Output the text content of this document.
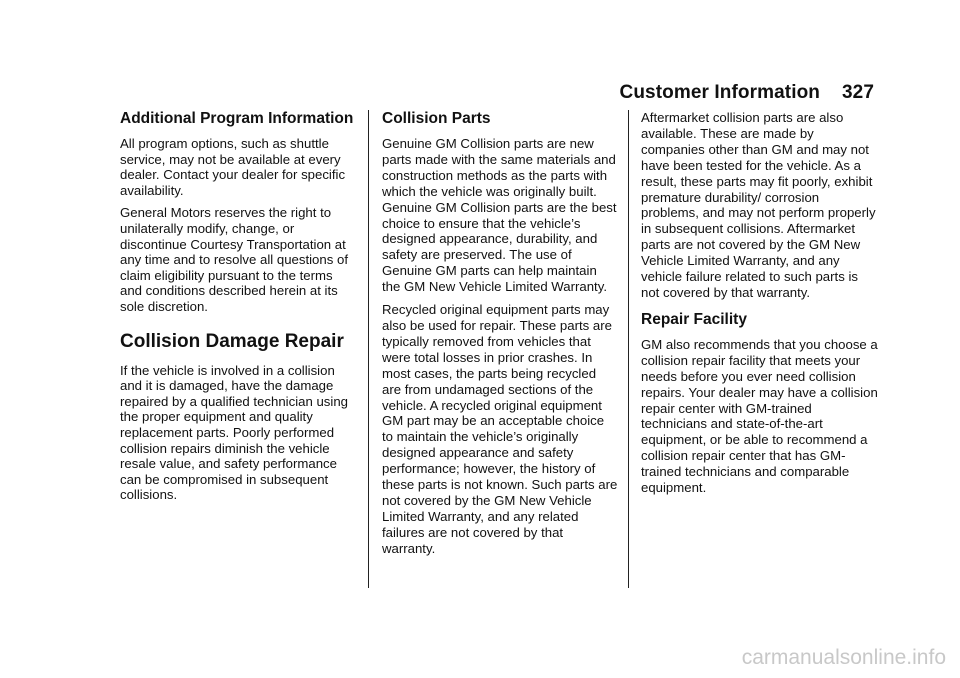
Customer Information 327
Additional Program Information

All program options, such as shuttle service, may not be available at every dealer. Contact your dealer for specific availability.

General Motors reserves the right to unilaterally modify, change, or discontinue Courtesy Transportation at any time and to resolve all questions of claim eligibility pursuant to the terms and conditions described herein at its sole discretion.

Collision Damage Repair

If the vehicle is involved in a collision and it is damaged, have the damage repaired by a qualified technician using the proper equipment and quality replacement parts. Poorly performed collision repairs diminish the vehicle resale value, and safety performance can be compromised in subsequent collisions.

Collision Parts

Genuine GM Collision parts are new parts made with the same materials and construction methods as the parts with which the vehicle was originally built. Genuine GM Collision parts are the best choice to ensure that the vehicle’s designed appearance, durability, and safety are preserved. The use of Genuine GM parts can help maintain the GM New Vehicle Limited Warranty.

Recycled original equipment parts may also be used for repair. These parts are typically removed from vehicles that were total losses in prior crashes. In most cases, the parts being recycled are from undamaged sections of the vehicle. A recycled original equipment GM part may be an acceptable choice to maintain the vehicle’s originally designed appearance and safety performance; however, the history of these parts is not known. Such parts are not covered by the GM New Vehicle Limited Warranty, and any related failures are not covered by that warranty.

Aftermarket collision parts are also available. These are made by companies other than GM and may not have been tested for the vehicle. As a result, these parts may fit poorly, exhibit premature durability/ corrosion problems, and may not perform properly in subsequent collisions. Aftermarket parts are not covered by the GM New Vehicle Limited Warranty, and any vehicle failure related to such parts is not covered by that warranty.

Repair Facility

GM also recommends that you choose a collision repair facility that meets your needs before you ever need collision repairs. Your dealer may have a collision repair center with GM-trained technicians and state-of-the-art equipment, or be able to recommend a collision repair center that has GM-trained technicians and comparable equipment.

carmanualsonline.info
